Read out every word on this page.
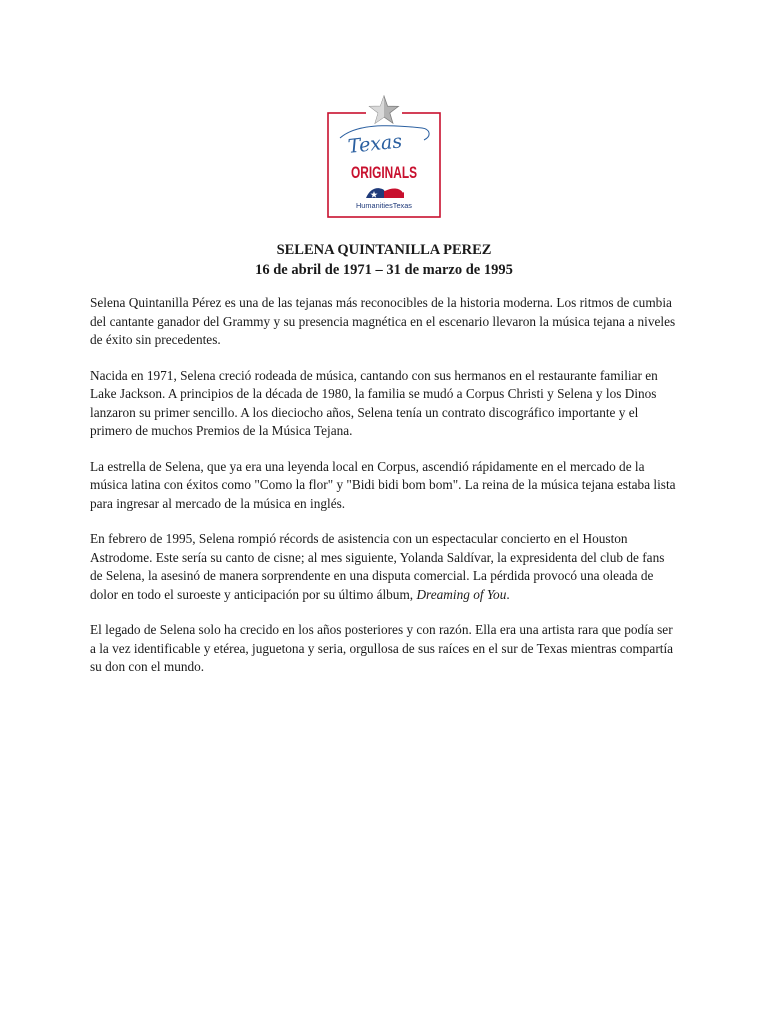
Texas
ORIGINALS
HumanitiesTexas
SELENA QUINTANILLA PEREZ
16 de abril de 1971 – 31 de marzo de 1995

Selena Quintanilla Pérez es una de las tejanas más reconocibles de la historia moderna. Los ritmos de cumbia del cantante ganador del Grammy y su presencia magnética en el escenario llevaron la música tejana a niveles de éxito sin precedentes.

Nacida en 1971, Selena creció rodeada de música, cantando con sus hermanos en el restaurante familiar en Lake Jackson. A principios de la década de 1980, la familia se mudó a Corpus Christi y Selena y los Dinos lanzaron su primer sencillo. A los dieciocho años, Selena tenía un contrato discográfico importante y el primero de muchos Premios de la Música Tejana.

La estrella de Selena, que ya era una leyenda local en Corpus, ascendió rápidamente en el mercado de la música latina con éxitos como "Como la flor" y "Bidi bidi bom bom". La reina de la música tejana estaba lista para ingresar al mercado de la música en inglés.

En febrero de 1995, Selena rompió récords de asistencia con un espectacular concierto en el Houston Astrodome. Este sería su canto de cisne; al mes siguiente, Yolanda Saldívar, la expresidenta del club de fans de Selena, la asesinó de manera sorprendente en una disputa comercial. La pérdida provocó una oleada de dolor en todo el suroeste y anticipación por su último álbum, Dreaming of You.

El legado de Selena solo ha crecido en los años posteriores y con razón. Ella era una artista rara que podía ser a la vez identificable y etérea, juguetona y seria, orgullosa de sus raíces en el sur de Texas mientras compartía su don con el mundo.
